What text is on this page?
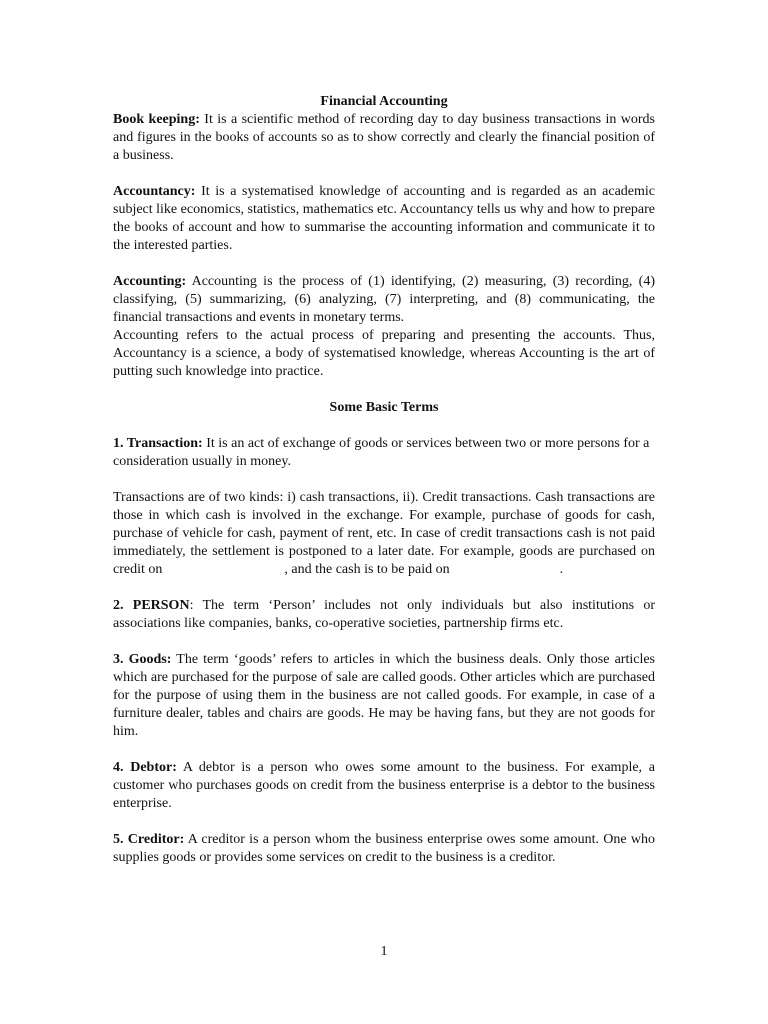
Financial Accounting

Book keeping: It is a scientific method of recording day to day business transactions in words and figures in the books of accounts so as to show correctly and clearly the financial position of a business.

Accountancy: It is a systematised knowledge of accounting and is regarded as an academic subject like economics, statistics, mathematics etc. Accountancy tells us why and how to prepare the books of account and how to summarise the accounting information and communicate it to the interested parties.

Accounting: Accounting is the process of (1) identifying, (2) measuring, (3) recording, (4) classifying, (5) summarizing, (6) analyzing, (7) interpreting, and (8) communicating, the financial transactions and events in monetary terms.

Accounting refers to the actual process of preparing and presenting the accounts. Thus, Accountancy is a science, a body of systematised knowledge, whereas Accounting is the art of putting such knowledge into practice.

Some Basic Terms

1. Transaction: It is an act of exchange of goods or services between two or more persons for a consideration usually in money.

Transactions are of two kinds: i) cash transactions, ii). Credit transactions. Cash transactions are those in which cash is involved in the exchange. For example, purchase of goods for cash, purchase of vehicle for cash, payment of rent, etc. In case of credit transactions cash is not paid immediately, the settlement is postponed to a later date. For example, goods are purchased on credit on	, and the cash is to be paid on	.

2. PERSON: The term ‘Person’ includes not only individuals but also institutions or associations like companies, banks, co-operative societies, partnership firms etc.

3. Goods: The term ‘goods’ refers to articles in which the business deals. Only those articles which are purchased for the purpose of sale are called goods. Other articles which are purchased for the purpose of using them in the business are not called goods. For example, in case of a furniture dealer, tables and chairs are goods. He may be having fans, but they are not goods for him.

4. Debtor: A debtor is a person who owes some amount to the business. For example, a customer who purchases goods on credit from the business enterprise is a debtor to the business enterprise.

5. Creditor: A creditor is a person whom the business enterprise owes some amount. One who supplies goods or provides some services on credit to the business is a creditor.

1
